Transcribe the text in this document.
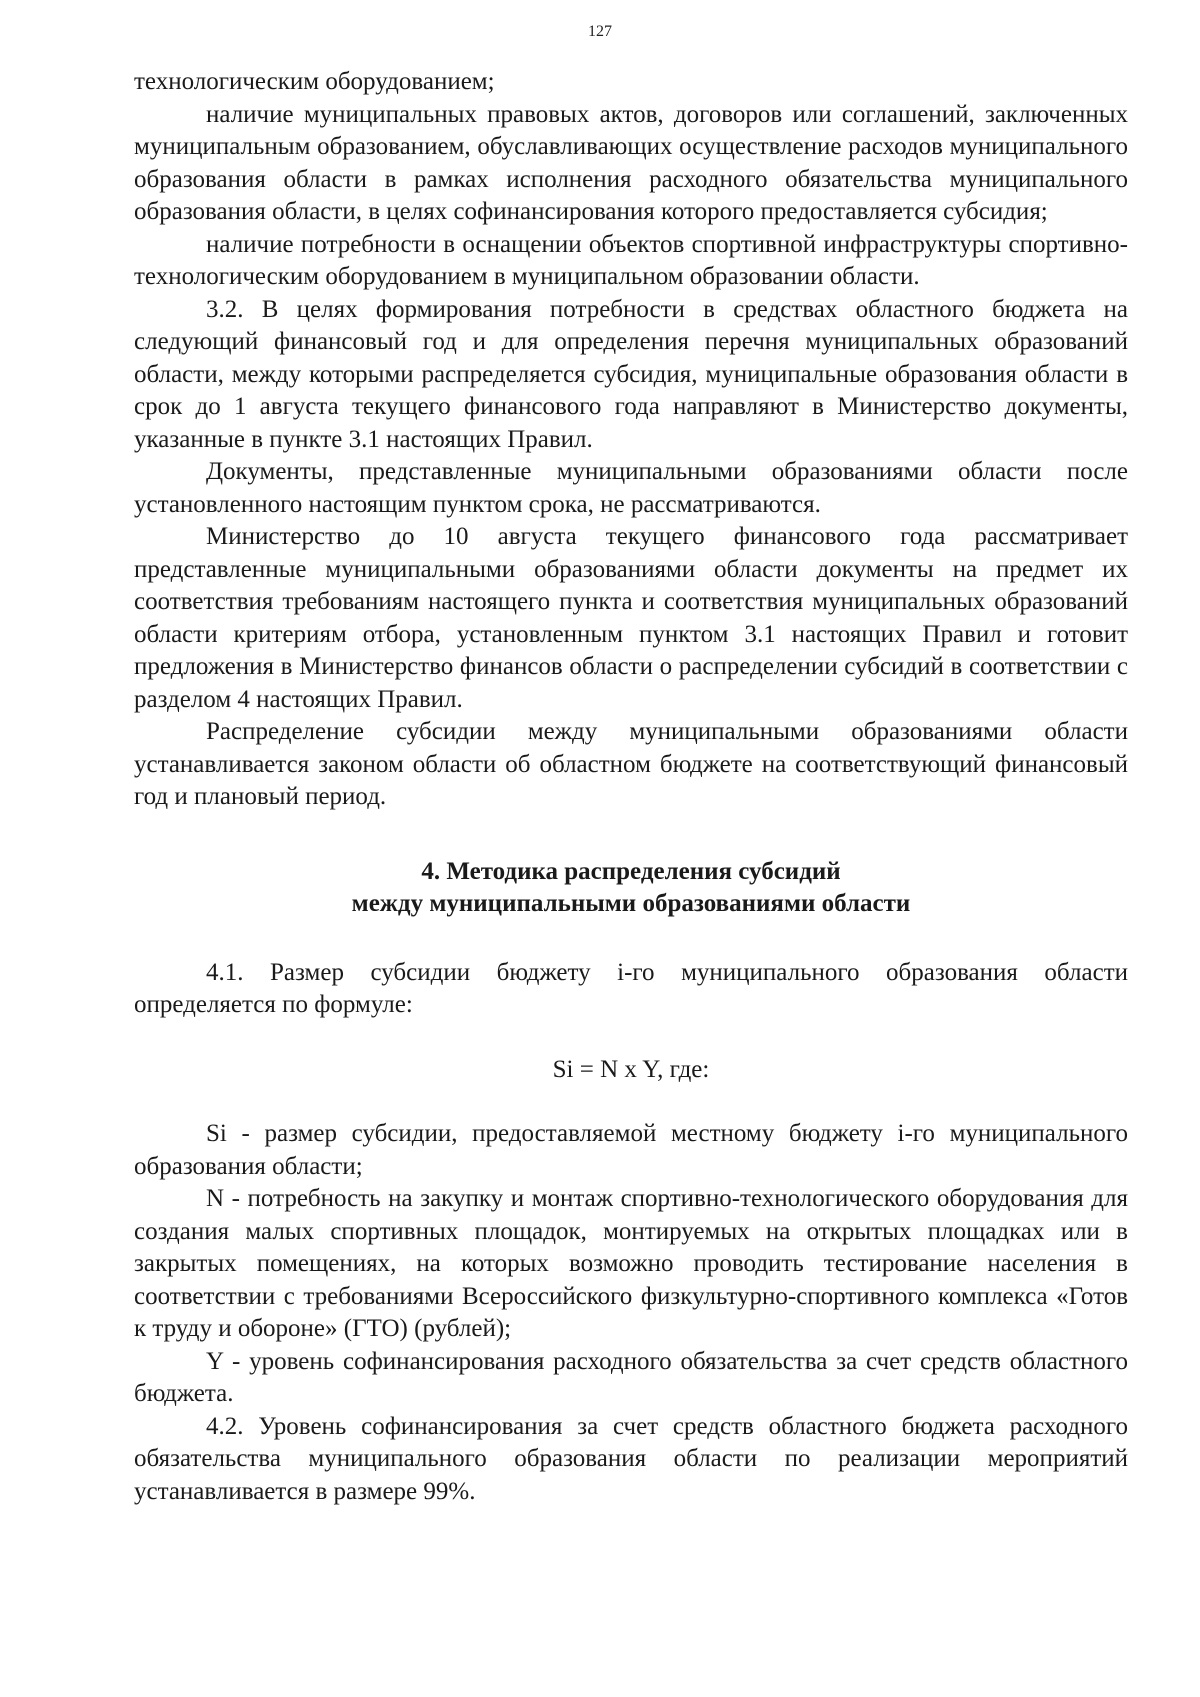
127

технологическим оборудованием;

наличие муниципальных правовых актов, договоров или соглашений, заключенных муниципальным образованием, обуславливающих осуществление расходов муниципального образования области в рамках исполнения расходного обязательства муниципального образования области, в целях софинансирования которого предоставляется субсидия;

наличие потребности в оснащении объектов спортивной инфраструктуры спортивно-технологическим оборудованием в муниципальном образовании области.

3.2. В целях формирования потребности в средствах областного бюджета на следующий финансовый год и для определения перечня муниципальных образований области, между которыми распределяется субсидия, муниципальные образования области в срок до 1 августа текущего финансового года направляют в Министерство документы, указанные в пункте 3.1 настоящих Правил.

Документы, представленные муниципальными образованиями области после установленного настоящим пунктом срока, не рассматриваются.

Министерство до 10 августа текущего финансового года рассматривает представленные муниципальными образованиями области документы на предмет их соответствия требованиям настоящего пункта и соответствия муниципальных образований области критериям отбора, установленным пунктом 3.1 настоящих Правил и готовит предложения в Министерство финансов области о распределении субсидий в соответствии с разделом 4 настоящих Правил.

Распределение субсидии между муниципальными образованиями области устанавливается законом области об областном бюджете на соответствующий финансовый год и плановый период.

4. Методика распределения субсидий
между муниципальными образованиями области

4.1. Размер субсидии бюджету i-го муниципального образования области определяется по формуле:

Si = N x Y, где:

Si - размер субсидии, предоставляемой местному бюджету i-го муниципального образования области;

N - потребность на закупку и монтаж спортивно-технологического оборудования для создания малых спортивных площадок, монтируемых на открытых площадках или в закрытых помещениях, на которых возможно проводить тестирование населения в соответствии с требованиями Всероссийского физкультурно-спортивного комплекса «Готов к труду и обороне» (ГТО) (рублей);

Y - уровень софинансирования расходного обязательства за счет средств областного бюджета.

4.2. Уровень софинансирования за счет средств областного бюджета расходного обязательства муниципального образования области по реализации мероприятий устанавливается в размере 99%.
